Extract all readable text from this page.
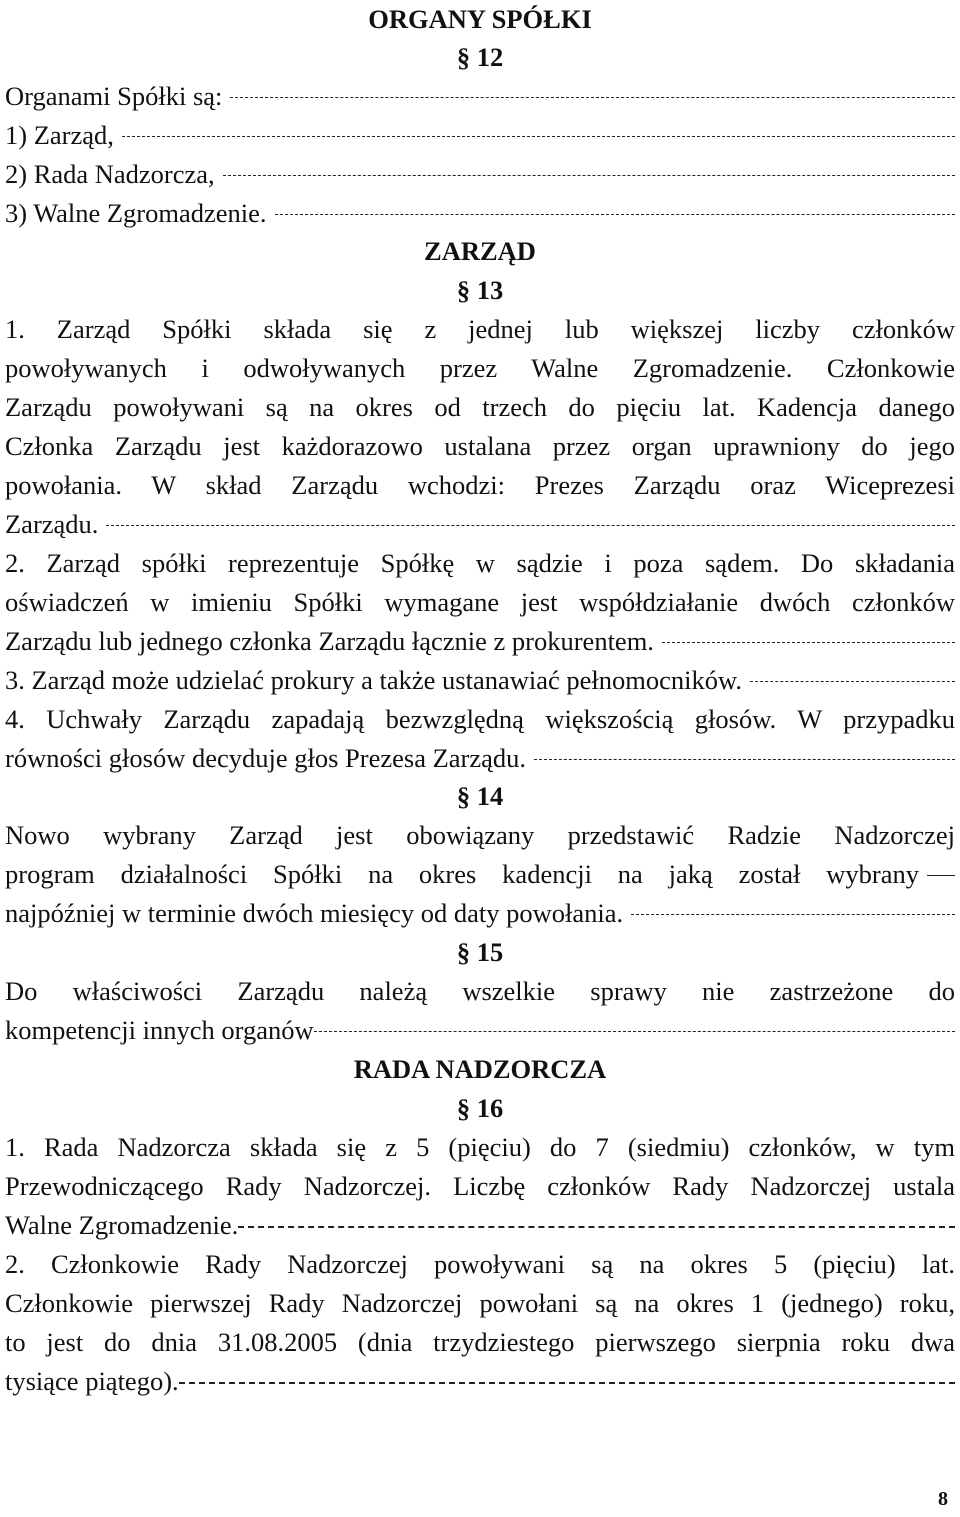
ORGANY SPÓŁKI
§ 12
Organami Spółki są:
1) Zarząd,
2) Rada Nadzorcza,
3) Walne Zgromadzenie.
ZARZĄD
§ 13
1. Zarząd Spółki składa się z jednej lub większej liczby członków
powoływanych i odwoływanych przez Walne Zgromadzenie. Członkowie
Zarządu powoływani są na okres od trzech do pięciu lat. Kadencja danego
Członka Zarządu jest każdorazowo ustalana przez organ uprawniony do jego
powołania. W skład Zarządu wchodzi: Prezes Zarządu oraz Wiceprezesi
Zarządu.
2. Zarząd spółki reprezentuje Spółkę w sądzie i poza sądem. Do składania
oświadczeń w imieniu Spółki wymagane jest współdziałanie dwóch członków
Zarządu lub jednego członka Zarządu łącznie z prokurentem.
3. Zarząd może udzielać prokury a także ustanawiać pełnomocników.
4. Uchwały Zarządu zapadają bezwzględną większością głosów. W przypadku
równości głosów decyduje głos Prezesa Zarządu.
§ 14
Nowo wybrany Zarząd jest obowiązany przedstawić Radzie Nadzorczej
program działalności Spółki na okres kadencji na jaką został wybrany
najpóźniej w terminie dwóch miesięcy od daty powołania.
§ 15
Do właściwości Zarządu należą wszelkie sprawy nie zastrzeżone do
kompetencji innych organów
RADA NADZORCZA
§ 16
1. Rada Nadzorcza składa się z 5 (pięciu) do 7 (siedmiu) członków, w tym
Przewodniczącego Rady Nadzorczej. Liczbę członków Rady Nadzorczej ustala
Walne Zgromadzenie.
2. Członkowie Rady Nadzorczej powoływani są na okres 5 (pięciu) lat.
Członkowie pierwszej Rady Nadzorczej powołani są na okres 1 (jednego) roku,
to jest do dnia 31.08.2005 (dnia trzydziestego pierwszego sierpnia roku dwa
tysiące piątego).
8
